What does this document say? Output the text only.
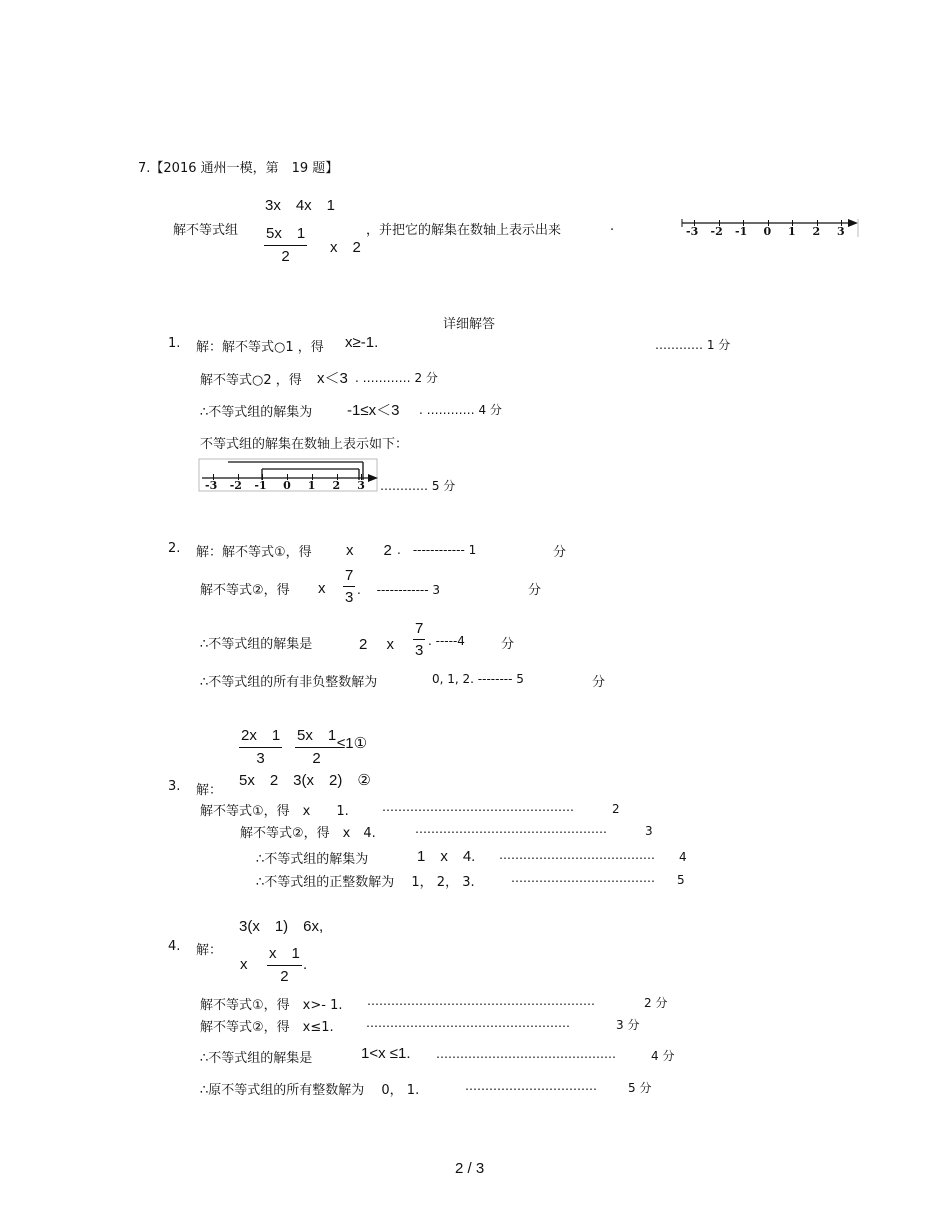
7.【2016 通州一模，第　19 题】
解不等式组
3x　4x　1
5x　1
2
x　2
，并把它的解集在数轴上表示出来	.	-3 -2 -1 0 1 2 3
详细解答
1. 解：解不等式○1 ，得 x≥-1.	………… 1 分
解不等式○2 ，得 x＜3 . ………… 2 分
∴不等式组的解集为 -1≤x＜3 . ………… 4 分
不等式组的解集在数轴上表示如下：
-3 -2 -1 0 1 2 3 ………… 5 分
2. 解：解不等式①，得 x　　2 .　------------ 1	分
解不等式②，得 x
7
3 .　 ------------ 3	分
∴不等式组的解集是	2　 x
7
3
. -----4	分
∴不等式组的所有非负整数解为	0, 1, 2. -------- 5	分
2x　1
3
5x　1
2
≤1①
5x　2　3(x　2)　②
3. 解：
解不等式①，得　x　　1.	…………………………………………	2
解不等式②，得　x　4.	…………………………………………	3
∴不等式组的解集为	1　x　4. ………………………………… 4
∴不等式组的正整数解为　 1， 2， 3.	……………………………… 5
3(x　1)　6x,
4. 解：
x
x　1
2
.
解不等式①，得　x>- 1. …………………………………………………	2 分
解不等式②，得　x≤1.	……………………………………………	3 分
∴不等式组的解集是	1<x ≤1. ………………………………………	4 分
∴原不等式组的所有整数解为　 0， 1.	……………………………	5 分
2 / 3
